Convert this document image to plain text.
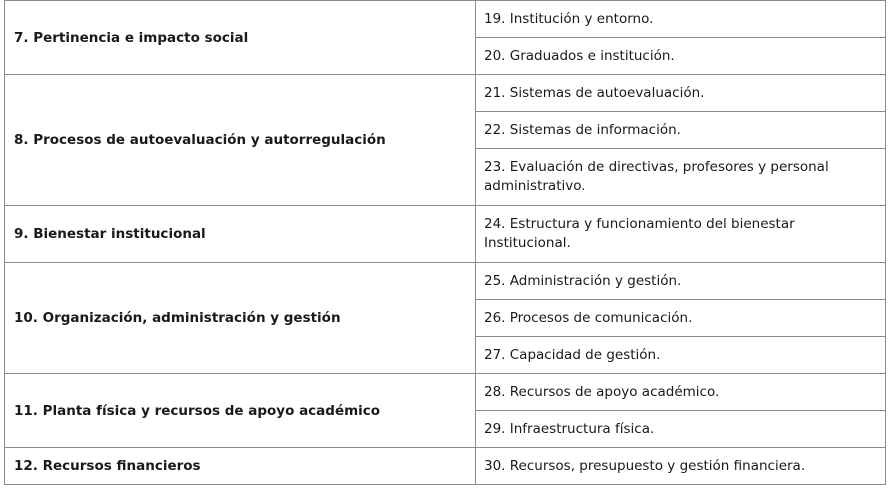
7. Pertinencia e impacto social	19. Institución y entorno.
	20. Graduados e institución.
8. Procesos de autoevaluación y autorregulación	21. Sistemas de autoevaluación.
	22. Sistemas de información.
	23. Evaluación de directivas, profesores y personal administrativo.
9. Bienestar institucional	24. Estructura y funcionamiento del bienestar Institucional.
10. Organización, administración y gestión	25. Administración y gestión.
	26. Procesos de comunicación.
	27. Capacidad de gestión.
11. Planta física y recursos de apoyo académico	28. Recursos de apoyo académico.
	29. Infraestructura física.
12. Recursos financieros	30. Recursos, presupuesto y gestión financiera.
